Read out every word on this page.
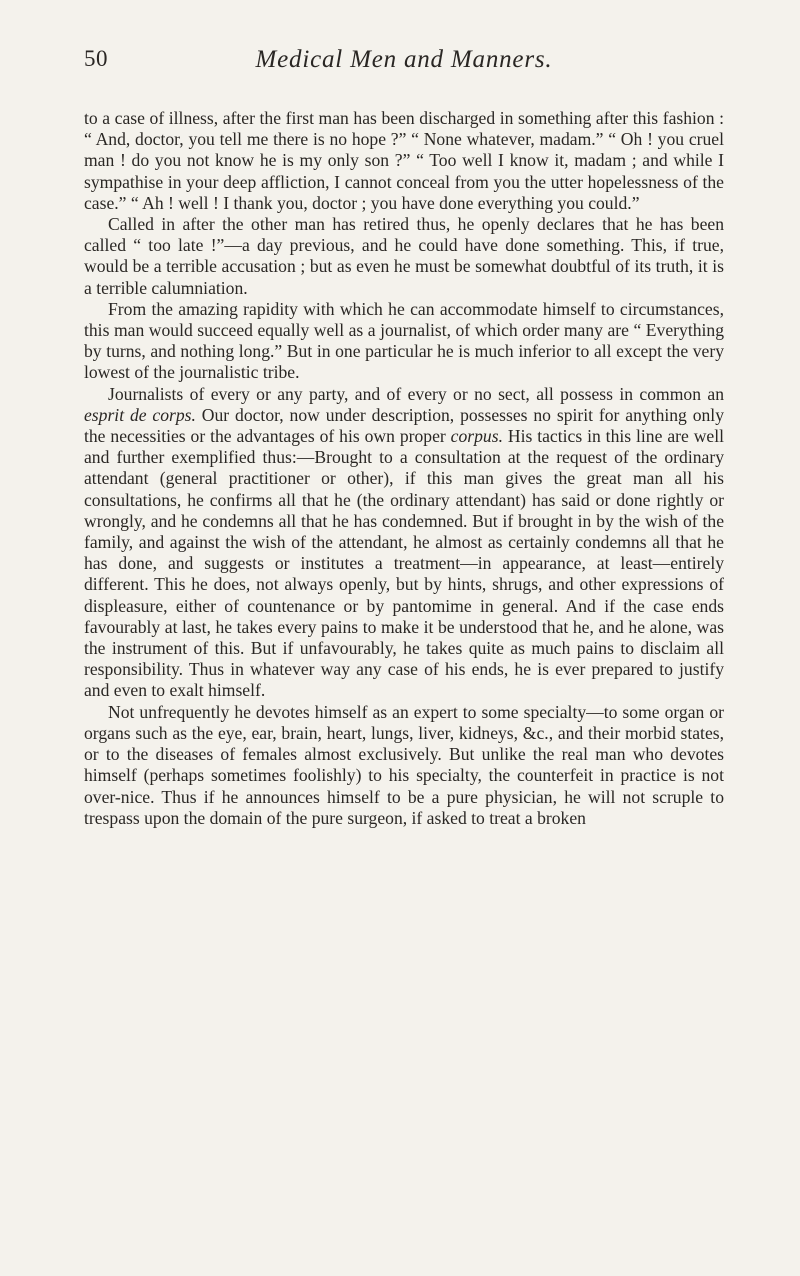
50	Medical Men and Manners.

to a case of illness, after the first man has been discharged in something after this fashion : “ And, doctor, you tell me there is no hope ?” “ None whatever, madam.” “ Oh ! you cruel man ! do you not know he is my only son ?” “ Too well I know it, madam ; and while I sympathise in your deep affliction, I cannot conceal from you the utter hopelessness of the case.” “ Ah ! well ! I thank you, doctor ; you have done everything you could.”

Called in after the other man has retired thus, he openly declares that he has been called “ too late !”—a day previous, and he could have done something. This, if true, would be a terrible accusation ; but as even he must be somewhat doubtful of its truth, it is a terrible calumniation.

From the amazing rapidity with which he can accommodate himself to circumstances, this man would succeed equally well as a journalist, of which order many are “ Everything by turns, and nothing long.” But in one particular he is much inferior to all except the very lowest of the journalistic tribe.

Journalists of every or any party, and of every or no sect, all possess in common an esprit de corps. Our doctor, now under description, possesses no spirit for anything only the necessities or the advantages of his own proper corpus. His tactics in this line are well and further exemplified thus:—Brought to a consultation at the request of the ordinary attendant (general practitioner or other), if this man gives the great man all his consultations, he confirms all that he (the ordinary attendant) has said or done rightly or wrongly, and he condemns all that he has condemned. But if brought in by the wish of the family, and against the wish of the attendant, he almost as certainly condemns all that he has done, and suggests or institutes a treatment—in appearance, at least—entirely different. This he does, not always openly, but by hints, shrugs, and other expressions of displeasure, either of countenance or by pantomime in general. And if the case ends favourably at last, he takes every pains to make it be understood that he, and he alone, was the instrument of this. But if unfavourably, he takes quite as much pains to disclaim all responsibility. Thus in whatever way any case of his ends, he is ever prepared to justify and even to exalt himself.

Not unfrequently he devotes himself as an expert to some specialty—to some organ or organs such as the eye, ear, brain, heart, lungs, liver, kidneys, &c., and their morbid states, or to the diseases of females almost exclusively. But unlike the real man who devotes himself (perhaps sometimes foolishly) to his specialty, the counterfeit in practice is not over-nice. Thus if he announces himself to be a pure physician, he will not scruple to trespass upon the domain of the pure surgeon, if asked to treat a broken
